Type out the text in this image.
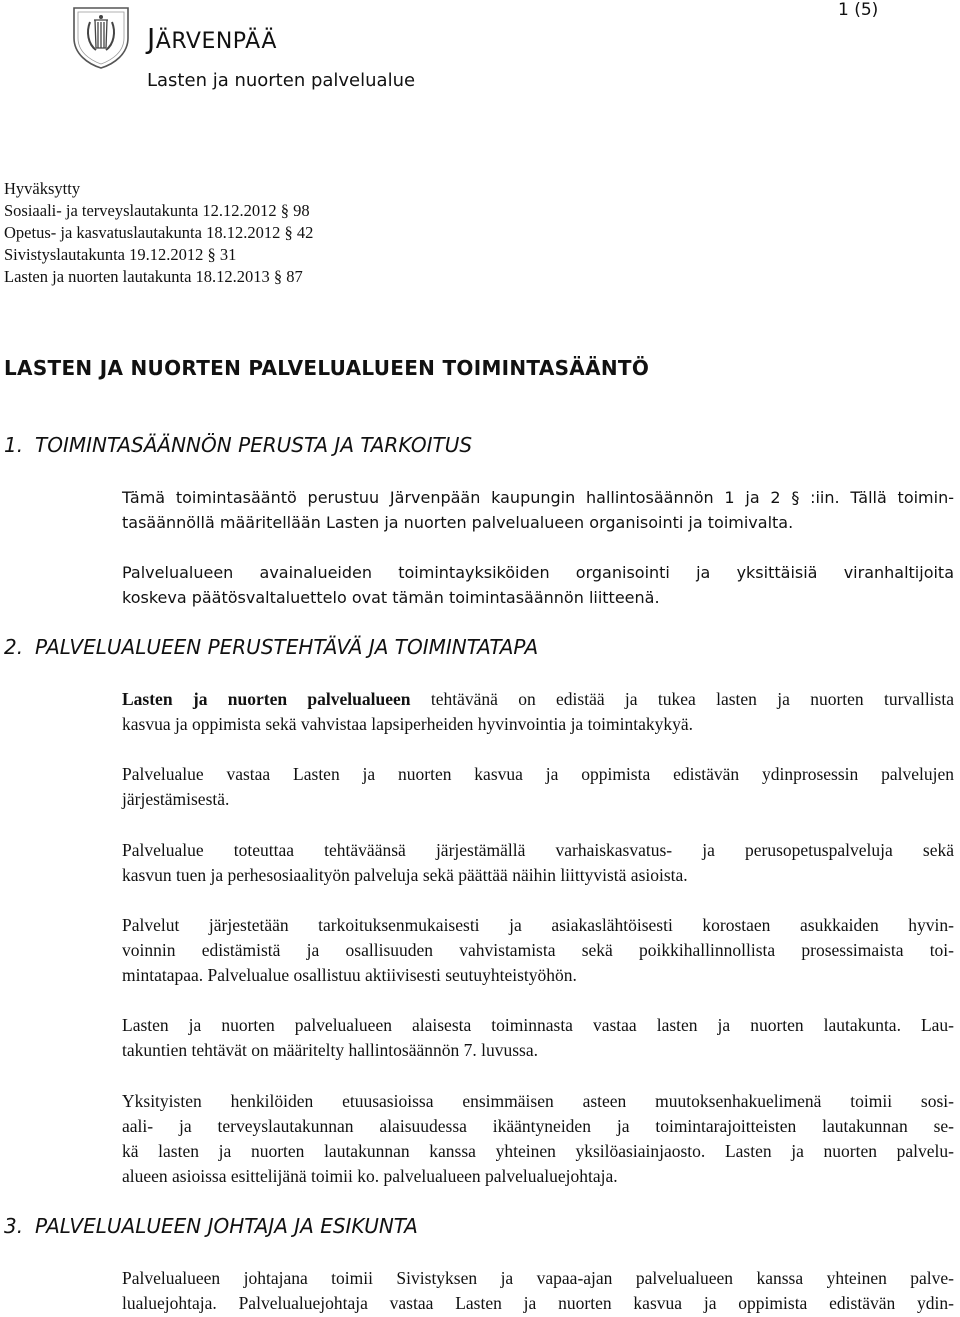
JÄRVENPÄÄ
Lasten ja nuorten palvelualue
1 (5)
Hyväksytty
Sosiaali- ja terveyslautakunta 12.12.2012 § 98
Opetus- ja kasvatuslautakunta 18.12.2012 § 42
Sivistyslautakunta 19.12.2012 § 31
Lasten ja nuorten lautakunta 18.12.2013 § 87
LASTEN JA NUORTEN PALVELUALUEEN TOIMINTASÄÄNTÖ
1. TOIMINTASÄÄNNÖN PERUSTA JA TARKOITUS
Tämä toimintasääntö perustuu Järvenpään kaupungin hallintosäännön 1 ja 2 § :iin. Tällä toimin-
tasäännöllä määritellään Lasten ja nuorten palvelualueen organisointi ja toimivalta.
Palvelualueen avainalueiden toimintayksiköiden organisointi ja yksittäisiä viranhaltijoita
koskeva päätösvaltaluettelo ovat tämän toimintasäännön liitteenä.
2. PALVELUALUEEN PERUSTEHTÄVÄ JA TOIMINTATAPA
Lasten ja nuorten palvelualueen tehtävänä on edistää ja tukea lasten ja nuorten turvallista
kasvua ja oppimista sekä vahvistaa lapsiperheiden hyvinvointia ja toimintakykyä.
Palvelualue vastaa Lasten ja nuorten kasvua ja oppimista edistävän ydinprosessin palvelujen
järjestämisestä.
Palvelualue toteuttaa tehtäväänsä järjestämällä varhaiskasvatus- ja perusopetuspalveluja sekä
kasvun tuen ja perhesosiaalityön palveluja sekä päättää näihin liittyvistä asioista.
Palvelut järjestetään tarkoituksenmukaisesti ja asiakaslähtöisesti korostaen asukkaiden hyvin-
voinnin edistämistä ja osallisuuden vahvistamista sekä poikkihallinnollista prosessimaista toi-
mintatapaa. Palvelualue osallistuu aktiivisesti seutuyhteistyöhön.
Lasten ja nuorten palvelualueen alaisesta toiminnasta vastaa lasten ja nuorten lautakunta. Lau-
takuntien tehtävät on määritelty hallintosäännön 7. luvussa.
Yksityisten henkilöiden etuusasioissa ensimmäisen asteen muutoksenhakuelimenä toimii sosi-
aali- ja terveyslautakunnan alaisuudessa ikääntyneiden ja toimintarajoitteisten lautakunnan se-
kä lasten ja nuorten lautakunnan kanssa yhteinen yksilöasiainjaosto. Lasten ja nuorten palvelu-
alueen asioissa esittelijänä toimii ko. palvelualueen palvelualuejohtaja.
3. PALVELUALUEEN JOHTAJA JA ESIKUNTA
Palvelualueen johtajana toimii Sivistyksen ja vapaa-ajan palvelualueen kanssa yhteinen palve-
lualuejohtaja. Palvelualuejohtaja vastaa Lasten ja nuorten kasvua ja oppimista edistävän ydin-
